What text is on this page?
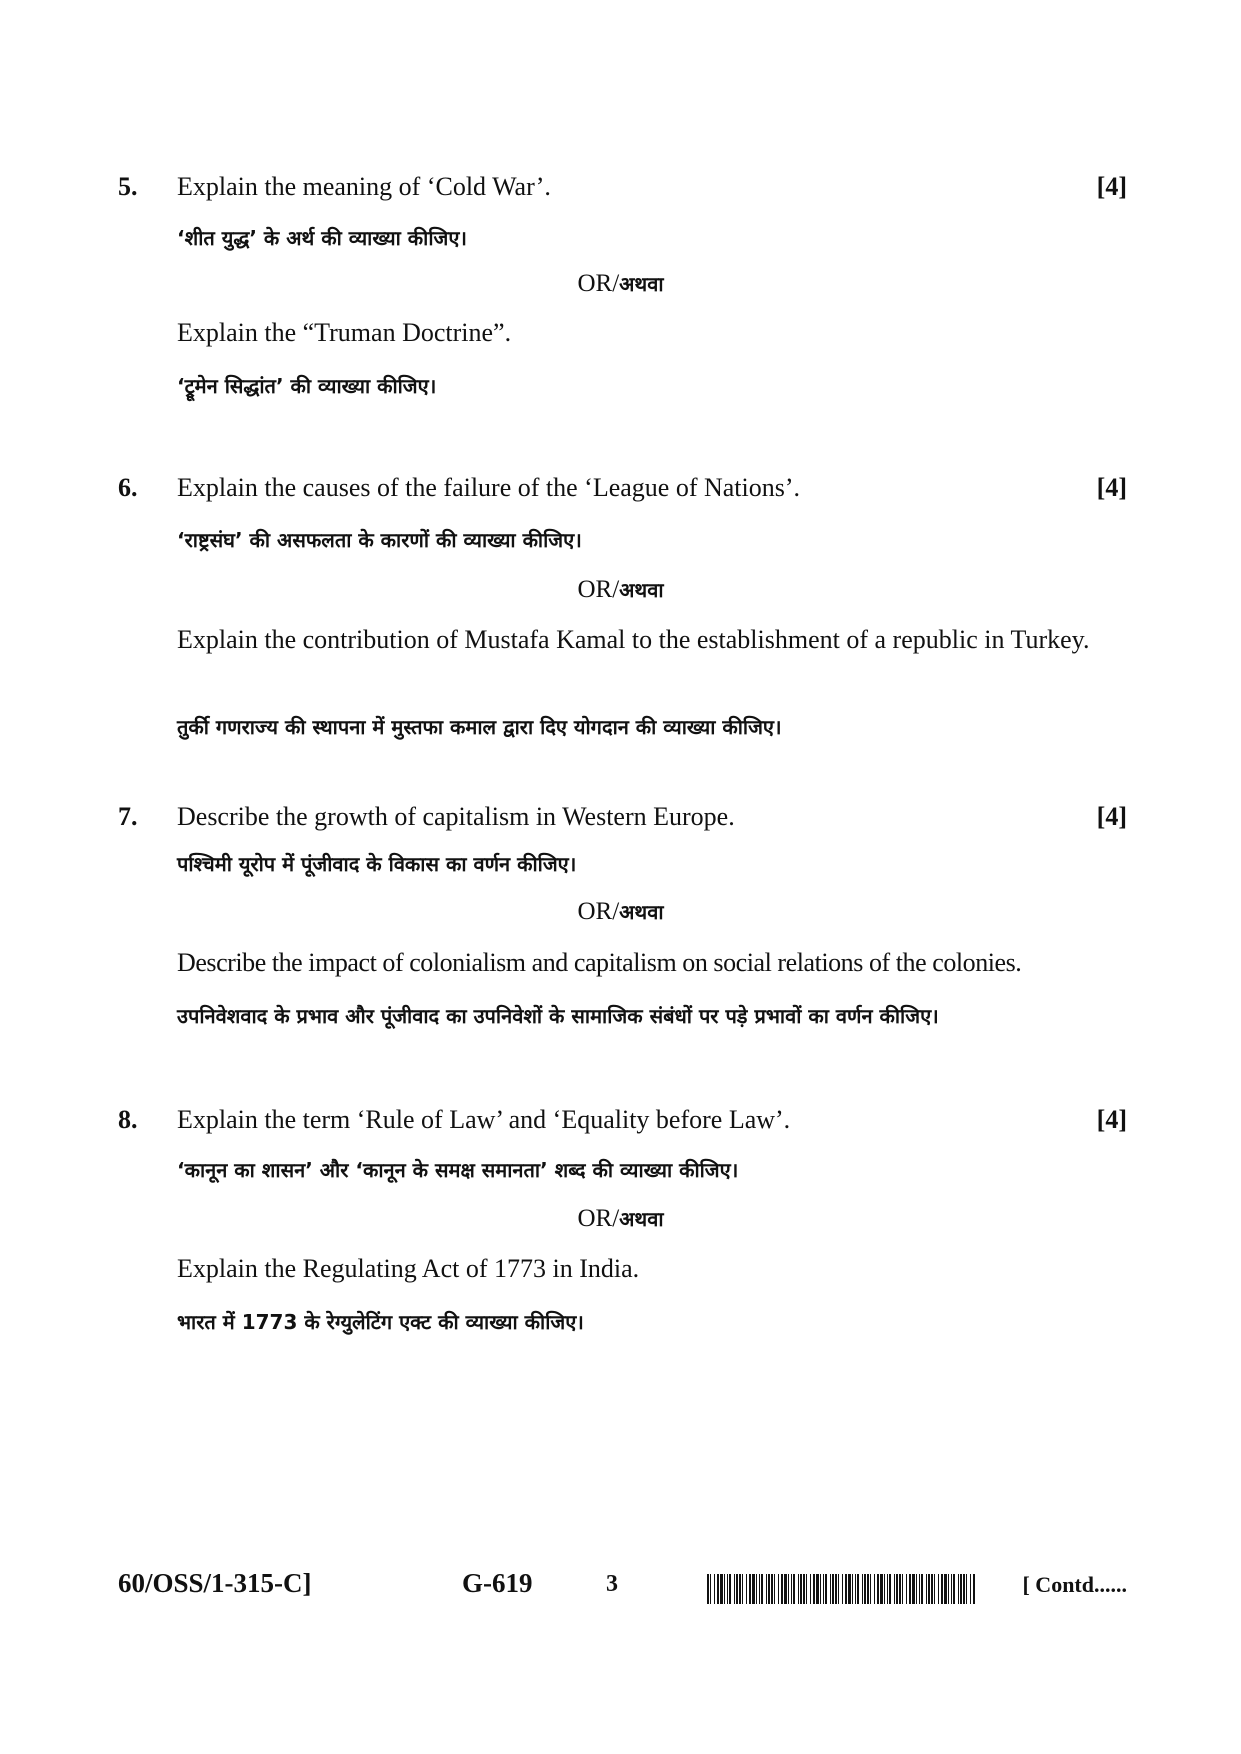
5. Explain the meaning of ‘Cold War’.	[4]
‘शीत युद्ध’ के अर्थ की व्याख्या कीजिए।
OR/अथवा
Explain the “Truman Doctrine”.
‘ट्रूमेन सिद्धांत’ की व्याख्या कीजिए।
6. Explain the causes of the failure of the ‘League of Nations’.	[4]
‘राष्ट्रसंघ’ की असफलता के कारणों की व्याख्या कीजिए।
OR/अथवा
Explain the contribution of Mustafa Kamal to the establishment of a republic in Turkey.
तुर्की गणराज्य की स्थापना में मुस्तफा कमाल द्वारा दिए योगदान की व्याख्या कीजिए।
7. Describe the growth of capitalism in Western Europe.	[4]
पश्चिमी यूरोप में पूंजीवाद के विकास का वर्णन कीजिए।
OR/अथवा
Describe the impact of colonialism and capitalism on social relations of the colonies.
उपनिवेशवाद के प्रभाव और पूंजीवाद का उपनिवेशों के सामाजिक संबंधों पर पड़े प्रभावों का वर्णन कीजिए।
8. Explain the term ‘Rule of Law’ and ‘Equality before Law’.	[4]
‘कानून का शासन’ और ‘कानून के समक्ष समानता’ शब्द की व्याख्या कीजिए।
OR/अथवा
Explain the Regulating Act of 1773 in India.
भारत में 1773 के रेग्युलेटिंग एक्ट की व्याख्या कीजिए।
60/OSS/1-315-C]	G-619	3	[ Contd......
